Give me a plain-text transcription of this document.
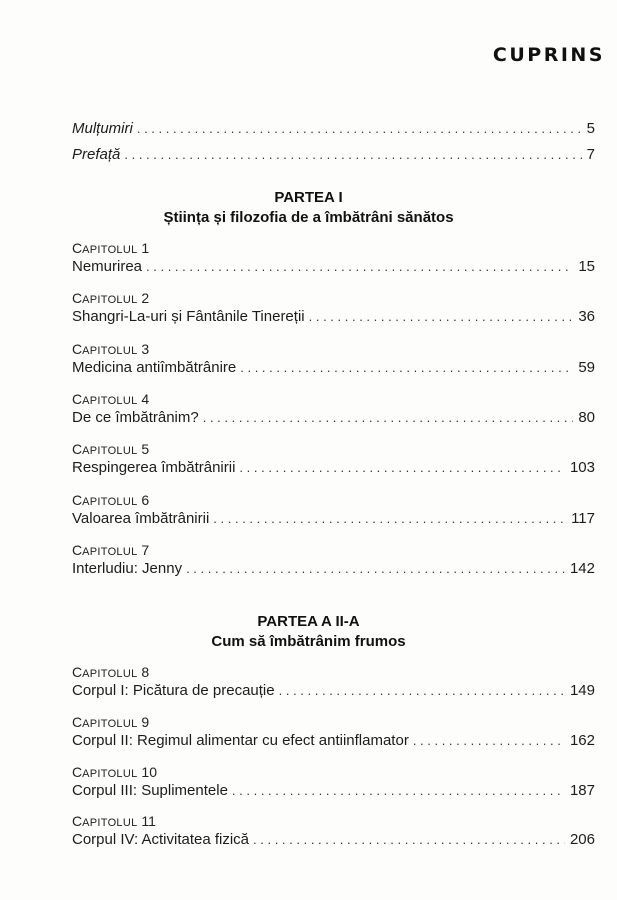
CUPRINS
Mulțumiri . . .	5
Prefață . . .	7
PARTEA I
Știința și filozofia de a îmbătrâni sănătos
CAPITOLUL 1
Nemurirea . . .	15
CAPITOLUL 2
Shangri-La-uri și Fântânile Tinereții . . .	36
CAPITOLUL 3
Medicina antiîmbătrânire . . .	59
CAPITOLUL 4
De ce îmbătrânim? . . .	80
CAPITOLUL 5
Respingerea îmbătrânirii . . .	103
CAPITOLUL 6
Valoarea îmbătrânirii . . .	117
CAPITOLUL 7
Interludiu: Jenny . . .	142
PARTEA A II-A
Cum să îmbătrânim frumos
CAPITOLUL 8
Corpul I: Picătura de precauție . . .	149
CAPITOLUL 9
Corpul II: Regimul alimentar cu efect antiinflamator . . .	162
CAPITOLUL 10
Corpul III: Suplimentele . . .	187
CAPITOLUL 11
Corpul IV: Activitatea fizică . . .	206
